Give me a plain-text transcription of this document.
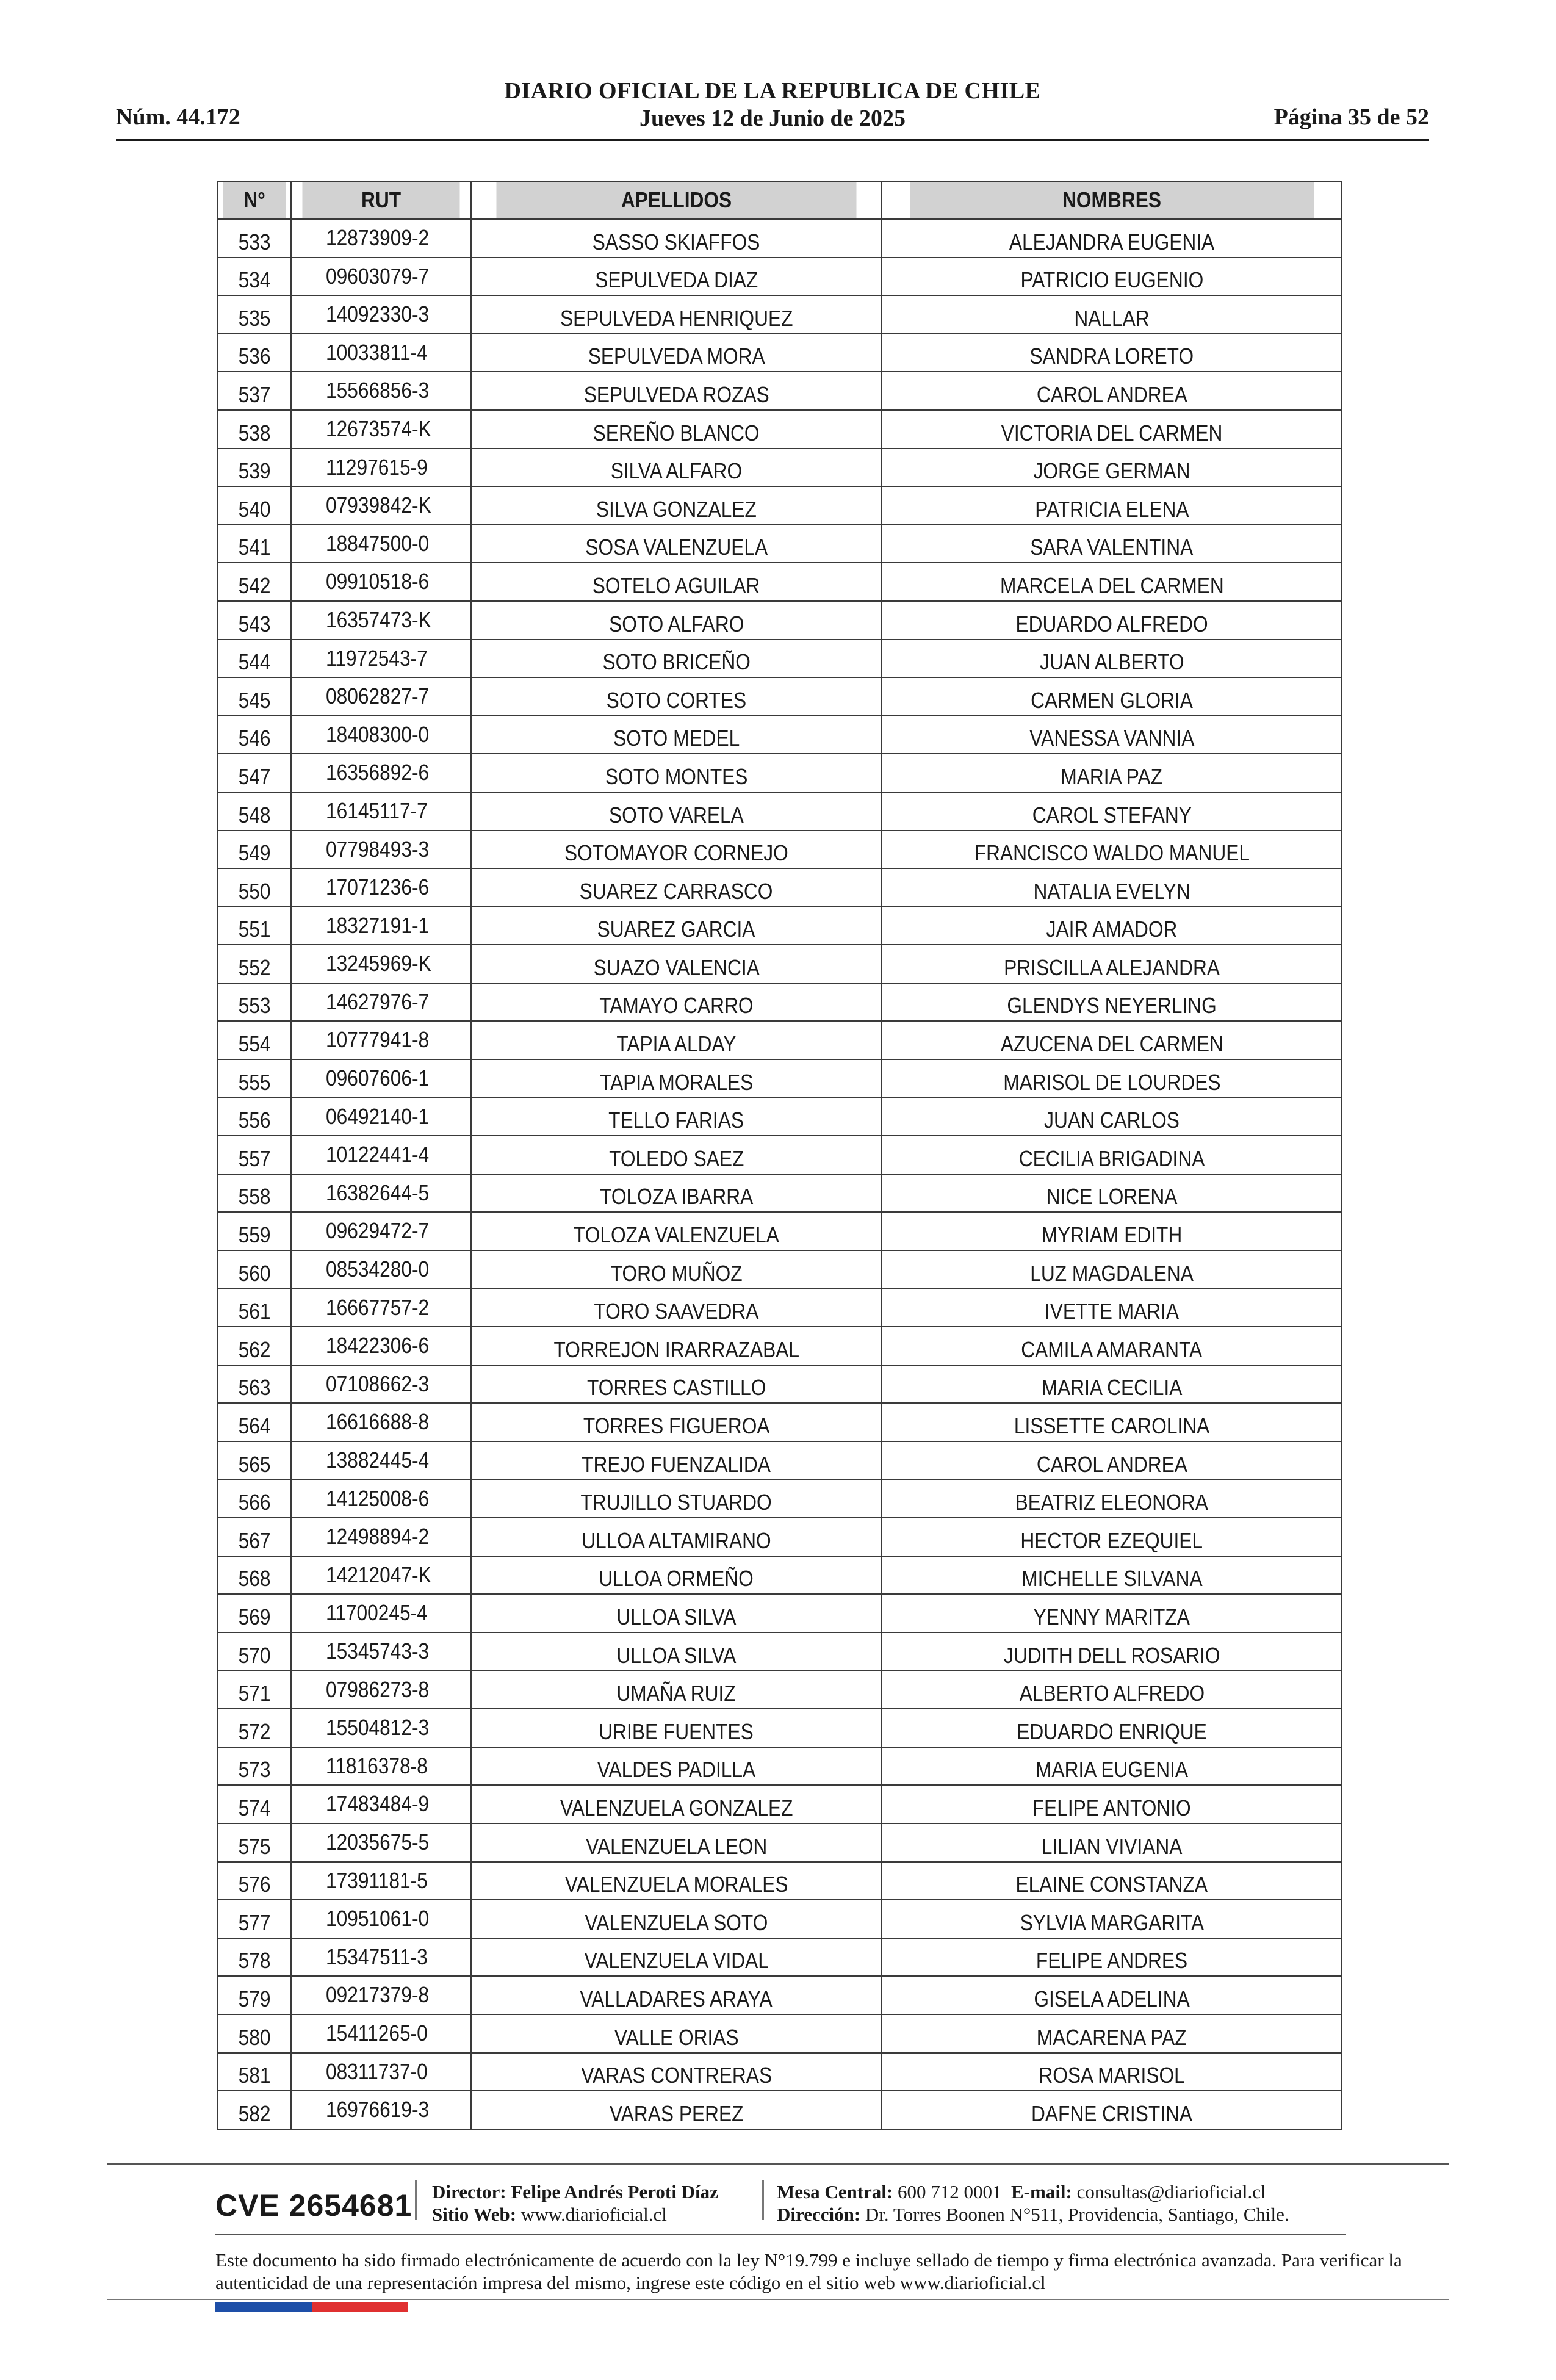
DIARIO OFICIAL DE LA REPUBLICA DE CHILE
Jueves 12 de Junio de 2025
Núm. 44.172	Página 35 de 52
N°	RUT	APELLIDOS	NOMBRES
533	12873909-2	SASSO SKIAFFOS	ALEJANDRA EUGENIA
534	09603079-7	SEPULVEDA DIAZ	PATRICIO EUGENIO
535	14092330-3	SEPULVEDA HENRIQUEZ	NALLAR
536	10033811-4	SEPULVEDA MORA	SANDRA LORETO
537	15566856-3	SEPULVEDA ROZAS	CAROL ANDREA
538	12673574-K	SEREÑO BLANCO	VICTORIA DEL CARMEN
539	11297615-9	SILVA ALFARO	JORGE GERMAN
540	07939842-K	SILVA GONZALEZ	PATRICIA ELENA
541	18847500-0	SOSA VALENZUELA	SARA VALENTINA
542	09910518-6	SOTELO AGUILAR	MARCELA DEL CARMEN
543	16357473-K	SOTO ALFARO	EDUARDO ALFREDO
544	11972543-7	SOTO BRICEÑO	JUAN ALBERTO
545	08062827-7	SOTO CORTES	CARMEN GLORIA
546	18408300-0	SOTO MEDEL	VANESSA VANNIA
547	16356892-6	SOTO MONTES	MARIA PAZ
548	16145117-7	SOTO VARELA	CAROL STEFANY
549	07798493-3	SOTOMAYOR CORNEJO	FRANCISCO WALDO MANUEL
550	17071236-6	SUAREZ CARRASCO	NATALIA EVELYN
551	18327191-1	SUAREZ GARCIA	JAIR AMADOR
552	13245969-K	SUAZO VALENCIA	PRISCILLA ALEJANDRA
553	14627976-7	TAMAYO CARRO	GLENDYS NEYERLING
554	10777941-8	TAPIA ALDAY	AZUCENA DEL CARMEN
555	09607606-1	TAPIA MORALES	MARISOL DE LOURDES
556	06492140-1	TELLO FARIAS	JUAN CARLOS
557	10122441-4	TOLEDO SAEZ	CECILIA BRIGADINA
558	16382644-5	TOLOZA IBARRA	NICE LORENA
559	09629472-7	TOLOZA VALENZUELA	MYRIAM EDITH
560	08534280-0	TORO MUÑOZ	LUZ MAGDALENA
561	16667757-2	TORO SAAVEDRA	IVETTE MARIA
562	18422306-6	TORREJON IRARRAZABAL	CAMILA AMARANTA
563	07108662-3	TORRES CASTILLO	MARIA CECILIA
564	16616688-8	TORRES FIGUEROA	LISSETTE CAROLINA
565	13882445-4	TREJO FUENZALIDA	CAROL ANDREA
566	14125008-6	TRUJILLO STUARDO	BEATRIZ ELEONORA
567	12498894-2	ULLOA ALTAMIRANO	HECTOR EZEQUIEL
568	14212047-K	ULLOA ORMEÑO	MICHELLE SILVANA
569	11700245-4	ULLOA SILVA	YENNY MARITZA
570	15345743-3	ULLOA SILVA	JUDITH DELL ROSARIO
571	07986273-8	UMAÑA RUIZ	ALBERTO ALFREDO
572	15504812-3	URIBE FUENTES	EDUARDO ENRIQUE
573	11816378-8	VALDES PADILLA	MARIA EUGENIA
574	17483484-9	VALENZUELA GONZALEZ	FELIPE ANTONIO
575	12035675-5	VALENZUELA LEON	LILIAN VIVIANA
576	17391181-5	VALENZUELA MORALES	ELAINE CONSTANZA
577	10951061-0	VALENZUELA SOTO	SYLVIA MARGARITA
578	15347511-3	VALENZUELA VIDAL	FELIPE ANDRES
579	09217379-8	VALLADARES ARAYA	GISELA ADELINA
580	15411265-0	VALLE ORIAS	MACARENA PAZ
581	08311737-0	VARAS CONTRERAS	ROSA MARISOL
582	16976619-3	VARAS PEREZ	DAFNE CRISTINA
CVE 2654681 Director: Felipe Andrés Peroti Díaz
Sitio Web: www.diarioficial.cl
Mesa Central: 600 712 0001 E-mail: consultas@diarioficial.cl
Dirección: Dr. Torres Boonen N°511, Providencia, Santiago, Chile.
Este documento ha sido firmado electrónicamente de acuerdo con la ley N°19.799 e incluye sellado de tiempo y firma electrónica avanzada. Para verificar la autenticidad de una representación impresa del mismo, ingrese este código en el sitio web www.diarioficial.cl
